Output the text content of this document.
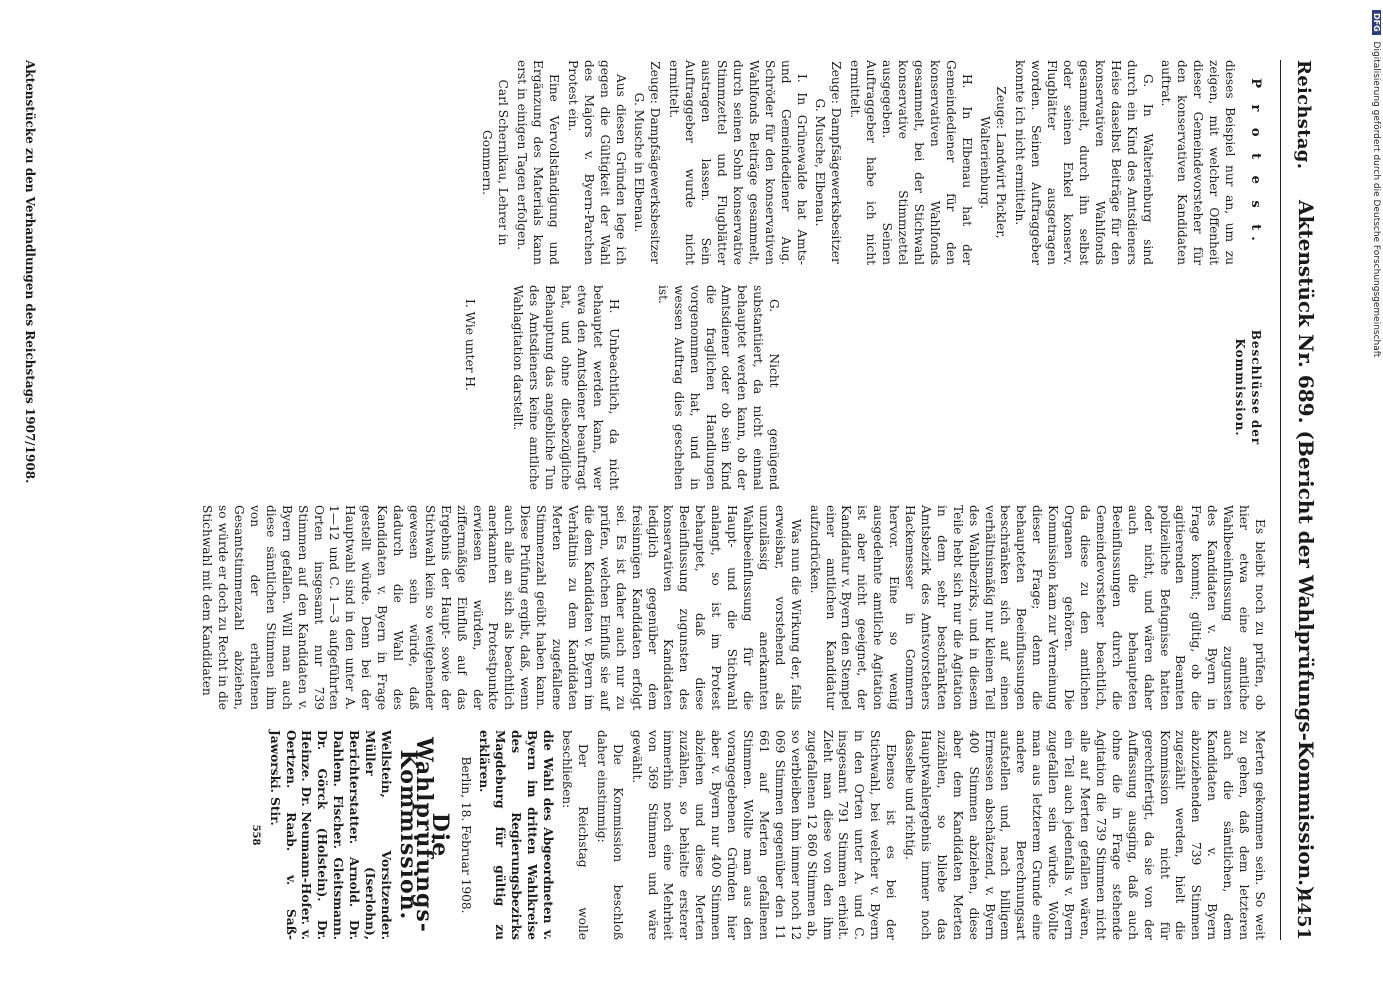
Reichstag.
Aktenstück Nr. 689. (Bericht der Wahlprüfungs-Kommission.)
4451
P r o t e s t.

dieses Beispiel nur an, um zu zeigen, mit welcher Offenheit dieser Gemeindevorsteher für den konservativen Kandidaten auftrat.

G. In Walterienburg sind durch ein Kind des Amtsdieners Heise daselbst Beiträge für den konservativen Wahlfonds gesammelt, durch ihn selbst oder seinen Enkel konserv. Flugblätter ausgetragen worden. Seinen Auftraggeber konnte ich nicht ermitteln.

Zeuge: Landwirt Pickler, Walterienburg.

H. In Elbenau hat der Gemeindediener für den konservativen Wahlfonds gesammelt, bei der Stichwahl konservative Stimmzettel ausgegeben. Seinen Auftraggeber habe ich nicht ermittelt.

Zeuge: Dampfsägewerksbesitzer G. Musche, Elbenau.

I. In Grünewalde hat Amts- und Gemeindediener Aug. Schröder für den konservativen Wahlfonds Beiträge gesammelt, durch seinen Sohn konservative Stimmzettel und Flugblätter austragen lassen. Sein Auftraggeber wurde nicht ermittelt.

Zeuge: Dampfsägewerksbesitzer G. Musche in Elbenau.

Aus diesen Gründen lege ich gegen die Gültigkeit der Wahl des Majors v. Byern-Parchen Protest ein.

Eine Vervollständigung und Ergänzung des Materials kann erst in einigen Tagen erfolgen.

Carl Schernikau, Lehrer in Gommern.

Beschlüsse der Kommission.

G. Nicht genügend substantiiert, da nicht einmal behauptet werden kann, ob der Amtsdiener oder ob sein Kind die fraglichen Handlungen vorgenommen hat, und in wessen Auftrag dies geschehen ist.

H. Unbeachtlich, da nicht behauptet werden kann, wer etwa den Amtsdiener beauftragt hat, und ohne diesbezügliche Behauptung das angebliche Tun des Amtsdieners keine amtliche Wahlagitation darstellt.

I. Wie unter H.

Es bleibt noch zu prüfen, ob hier etwa eine amtliche Wahlbeeinflussung zugunsten des Kandidaten v. Byern in Frage kommt; gültig, ob die agitierenden Beamten polizeiliche Befugnisse hatten oder nicht, und wären daher auch die behaupteten Beeinflussungen durch die Gemeindevorsteher beachtlich, da diese zu den amtlichen Organen gehören. Die Kommission kam zur Verneinung dieser Frage; denn die behaupteten Beeinflussungen beschränken sich auf einen verhältnismäßig nur kleinen Teil des Wahlbezirks, und in diesem Teile hebt sich nur die Agitation in dem sehr beschränkten Amtsbezirk des Amtsvorstehers Hackemesser in Gommern hervor. Eine so wenig ausgedehnte amtliche Agitation ist aber nicht geeignet, der Kandidatur v. Byern den Stempel einer amtlichen Kandidatur aufzudrücken.

Was nun die Wirkung der, falls erweisbar, vorstehend als unzulässig anerkannten Wahlbeeinflussung für die Haupt- und die Stichwahl anlangt, so ist im Protest behauptet, daß diese Beeinflussung zugunsten des konservativen Kandidaten lediglich gegenüber dem freisinnigen Kandidaten erfolgt sei. Es ist daher auch nur zu prüfen, welchen Einfluß sie auf die dem Kandidaten v. Byern im Verhältnis zu dem Kandidaten Merten zugefallene Stimmenzahl geübt haben kann. Diese Prüfung ergibt, daß, wenn auch alle an sich als beachtlich anerkannten Protestpunkte erwiesen würden, der ziffermäßige Einfluß auf das Ergebnis der Haupt- sowie der Stichwahl kein so weitgehender gewesen sein würde, daß dadurch die Wahl des Kandidaten v. Byern in Frage gestellt würde. Denn bei der Hauptwahl sind in den unter A. 1—12 und C. 1—3 aufgeführten Orten insgesamt nur 739 Stimmen auf den Kandidaten v. Byern gefallen. Will man auch diese sämtlichen Stimmen ihm von der erhaltenen Gesamtstimmenzahl abziehen, so würde er doch zu Recht in die Stichwahl mit dem Kandidaten

Merten gekommen sein. So weit zu gehen, daß dem letzteren auch die sämtlichen, dem Kandidaten v. Byern abzuziehenden 739 Stimmen zugezählt werden, hielt die Kommission nicht für gerechtfertigt, da sie von der Auffassung ausging, daß auch ohne die in Frage stehende Agitation die 739 Stimmen nicht alle auf Merten gefallen wären, ein Teil auch jedenfalls v. Byern zugefallen sein würde. Wollte man aus letzterem Grunde eine andere Berechnungsart aufstellen und, nach billigem Ermessen abschätzend, v. Byern 400 Stimmen abziehen, diese aber dem Kandidaten Merten zuzählen, so bliebe das Hauptwahlergebnis immer noch dasselbe und richtig.

Ebenso ist es bei der Stichwahl, bei welcher v. Byern in den Orten unter A. und C. insgesamt 791 Stimmen erhielt. Zieht man diese von den ihm zugefallenen 12 860 Stimmen ab, so verbleiben ihm immer noch 12 069 Stimmen gegenüber den 11 661 auf Merten gefallenen Stimmen. Wollte man aus den vorangegebenen Gründen hier aber v. Byern nur 400 Stimmen abziehen und diese Merten zuzählen, so behielte ersterer immerhin noch eine Mehrheit von 369 Stimmen und wäre gewählt.

Die Kommission beschloß daher einstimmig:

Der Reichstag wolle beschließen:

die Wahl des Abgeordneten v. Byern im dritten Wahlkreise des Regierungsbezirks Magdeburg für gültig zu erklären.

Berlin, 18. Februar 1908.

Die Wahlprüfungs-Kommission.

Wellstein, Vorsitzender. Müller (Iserlohn), Berichterstatter. Arnold. Dr. Dahlem. Fischer. Gleitsmann. Dr. Görck (Holstein). Dr. Heinze. Dr. Neumann-Hofer. v. Oertzen. Raab. v. Saß-Jaworski. Stir.

558

Aktenstücke zu den Verhandlungen des Reichstags 1907/1908.
DFG Digitalisierung gefördert durch die Deutsche Forschungsgemeinschaft
